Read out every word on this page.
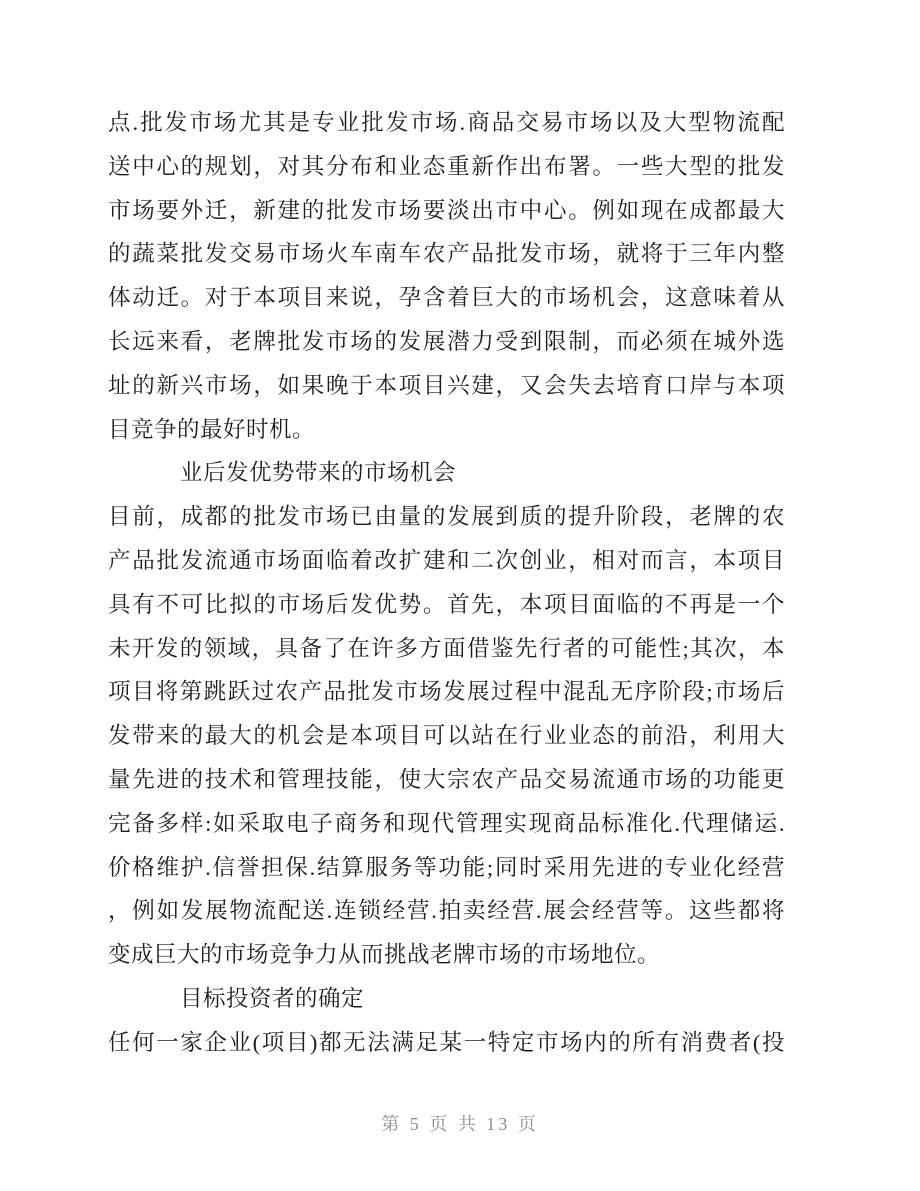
点.批发市场尤其是专业批发市场.商品交易市场以及大型物流配
送中心的规划，对其分布和业态重新作出布署。一些大型的批发
市场要外迁，新建的批发市场要淡出市中心。例如现在成都最大
的蔬菜批发交易市场火车南车农产品批发市场，就将于三年内整
体动迁。对于本项目来说，孕含着巨大的市场机会，这意味着从
长远来看，老牌批发市场的发展潜力受到限制，而必须在城外选
址的新兴市场，如果晚于本项目兴建，又会失去培育口岸与本项
目竞争的最好时机。
业后发优势带来的市场机会
目前，成都的批发市场已由量的发展到质的提升阶段，老牌的农
产品批发流通市场面临着改扩建和二次创业，相对而言，本项目
具有不可比拟的市场后发优势。首先，本项目面临的不再是一个
未开发的领域，具备了在许多方面借鉴先行者的可能性;其次，本
项目将第跳跃过农产品批发市场发展过程中混乱无序阶段;市场后
发带来的最大的机会是本项目可以站在行业业态的前沿，利用大
量先进的技术和管理技能，使大宗农产品交易流通市场的功能更
完备多样:如采取电子商务和现代管理实现商品标准化.代理储运.
价格维护.信誉担保.结算服务等功能;同时采用先进的专业化经营
，例如发展物流配送.连锁经营.拍卖经营.展会经营等。这些都将
变成巨大的市场竞争力从而挑战老牌市场的市场地位。
目标投资者的确定
任何一家企业(项目)都无法满足某一特定市场内的所有消费者(投
第 5 页 共 13 页
